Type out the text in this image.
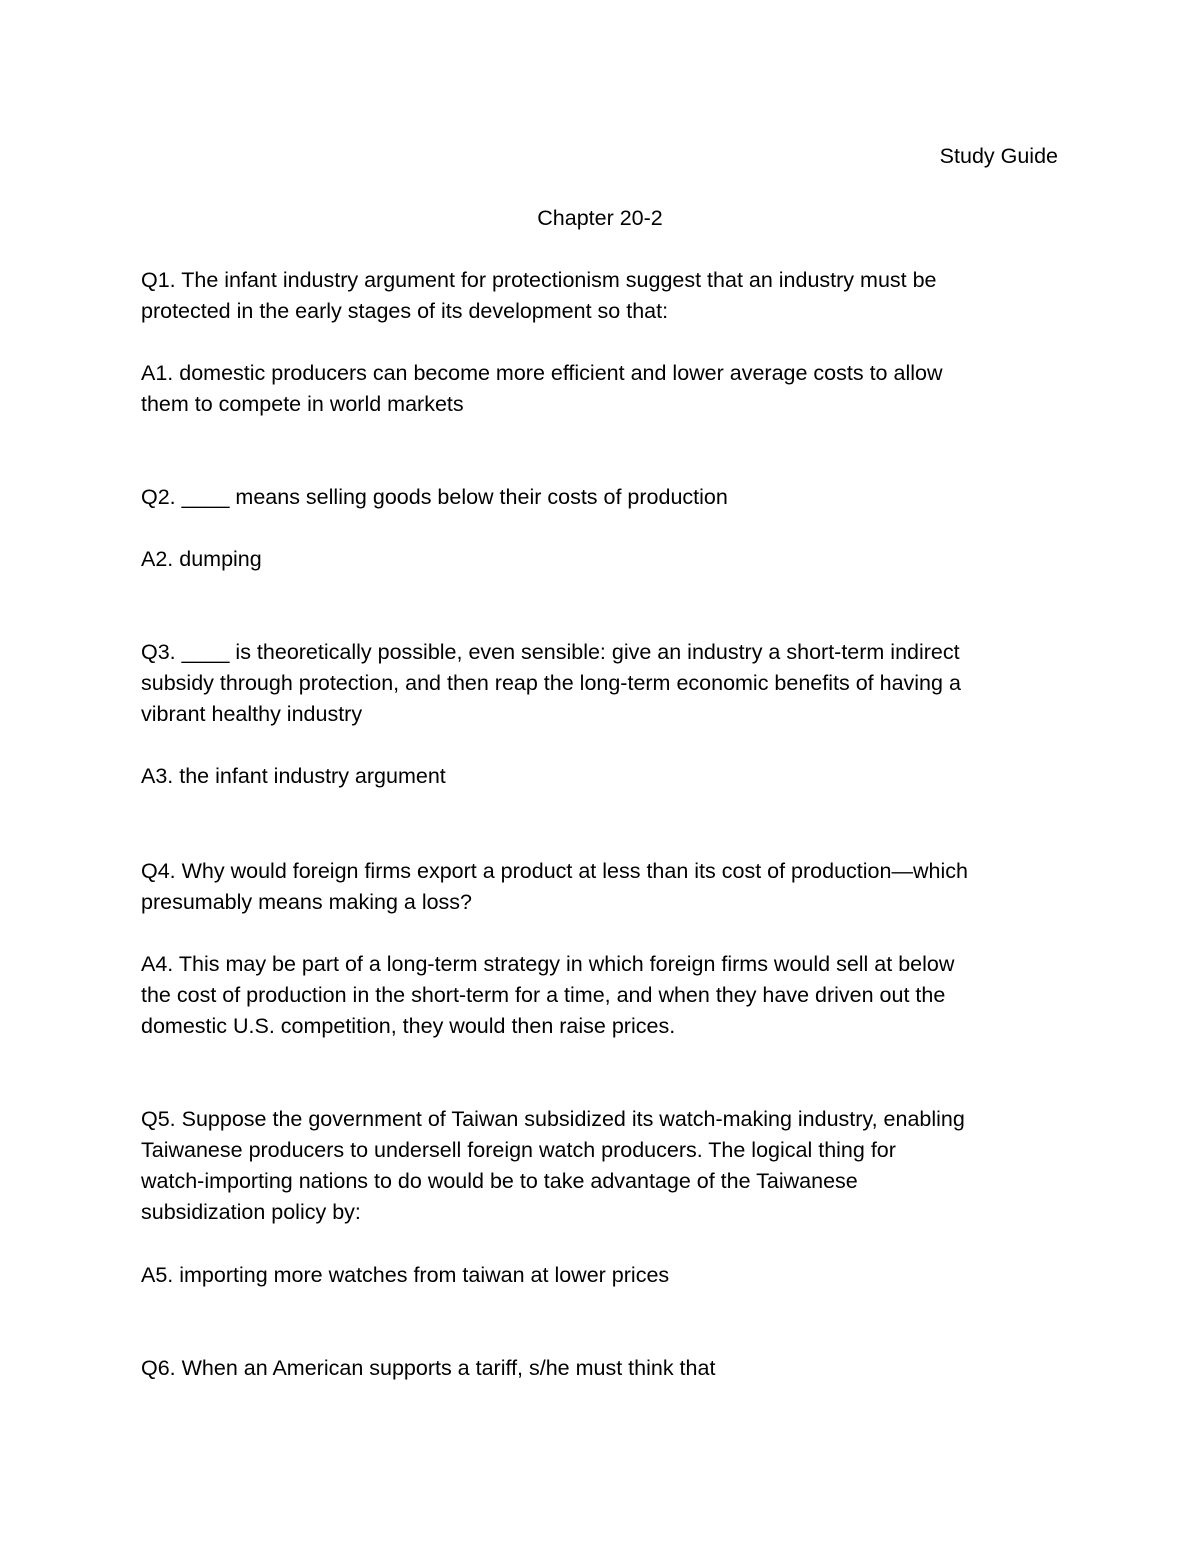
Study Guide
Chapter 20-2
Q1. The infant industry argument for protectionism suggest that an industry must be
protected in the early stages of its development so that:
A1. domestic producers can become more efficient and lower average costs to allow
them to compete in world markets
Q2. ____ means selling goods below their costs of production
A2. dumping
Q3. ____ is theoretically possible, even sensible: give an industry a short-term indirect
subsidy through protection, and then reap the long-term economic benefits of having a
vibrant healthy industry
A3. the infant industry argument
Q4. Why would foreign firms export a product at less than its cost of production—which
presumably means making a loss?
A4. This may be part of a long-term strategy in which foreign firms would sell at below
the cost of production in the short-term for a time, and when they have driven out the
domestic U.S. competition, they would then raise prices.
Q5. Suppose the government of Taiwan subsidized its watch-making industry, enabling
Taiwanese producers to undersell foreign watch producers. The logical thing for
watch-importing nations to do would be to take advantage of the Taiwanese
subsidization policy by:
A5. importing more watches from taiwan at lower prices
Q6. When an American supports a tariff, s/he must think that
